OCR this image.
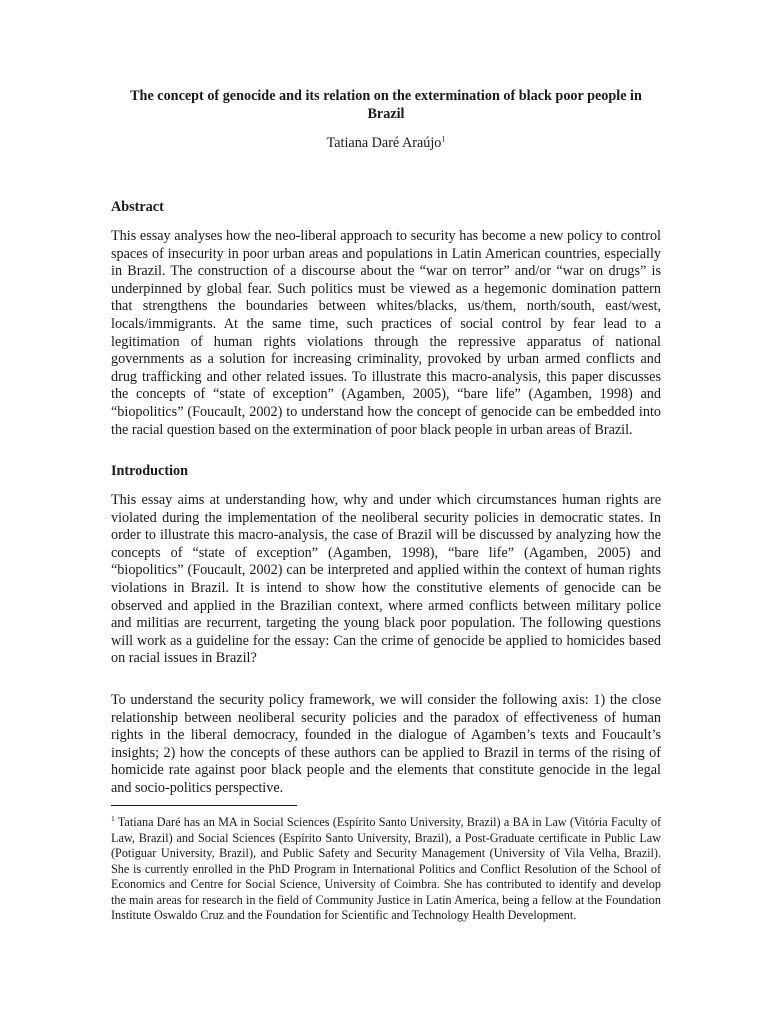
The concept of genocide and its relation on the extermination of black poor people in Brazil
Tatiana Daré Araújo$^1$
Abstract
This essay analyses how the neo-liberal approach to security has become a new policy to control spaces of insecurity in poor urban areas and populations in Latin American countries, especially in Brazil. The construction of a discourse about the “war on terror” and/or “war on drugs” is underpinned by global fear. Such politics must be viewed as a hegemonic domination pattern that strengthens the boundaries between whites/blacks, us/them, north/south, east/west, locals/immigrants. At the same time, such practices of social control by fear lead to a legitimation of human rights violations through the repressive apparatus of national governments as a solution for increasing criminality, provoked by urban armed conflicts and drug trafficking and other related issues. To illustrate this macro-analysis, this paper discusses the concepts of “state of exception” (Agamben, 2005), “bare life” (Agamben, 1998) and “biopolitics” (Foucault, 2002) to understand how the concept of genocide can be embedded into the racial question based on the extermination of poor black people in urban areas of Brazil.
Introduction
This essay aims at understanding how, why and under which circumstances human rights are violated during the implementation of the neoliberal security policies in democratic states. In order to illustrate this macro-analysis, the case of Brazil will be discussed by analyzing how the concepts of “state of exception” (Agamben, 1998), “bare life” (Agamben, 2005) and “biopolitics” (Foucault, 2002) can be interpreted and applied within the context of human rights violations in Brazil. It is intend to show how the constitutive elements of genocide can be observed and applied in the Brazilian context, where armed conflicts between military police and militias are recurrent, targeting the young black poor population. The following questions will work as a guideline for the essay: Can the crime of genocide be applied to homicides based on racial issues in Brazil?
To understand the security policy framework, we will consider the following axis: 1) the close relationship between neoliberal security policies and the paradox of effectiveness of human rights in the liberal democracy, founded in the dialogue of Agamben’s texts and Foucault’s insights; 2) how the concepts of these authors can be applied to Brazil in terms of the rising of homicide rate against poor black people and the elements that constitute genocide in the legal and socio-politics perspective.
$^1$ Tatiana Daré has an MA in Social Sciences (Espírito Santo University, Brazil) a BA in Law (Vitória Faculty of Law, Brazil) and Social Sciences (Espírito Santo University, Brazil), a Post-Graduate certificate in Public Law (Potiguar University, Brazil), and Public Safety and Security Management (University of Vila Velha, Brazil). She is currently enrolled in the PhD Program in International Politics and Conflict Resolution of the School of Economics and Centre for Social Science, University of Coimbra. She has contributed to identify and develop the main areas for research in the field of Community Justice in Latin America, being a fellow at the Foundation Institute Oswaldo Cruz and the Foundation for Scientific and Technology Health Development.
